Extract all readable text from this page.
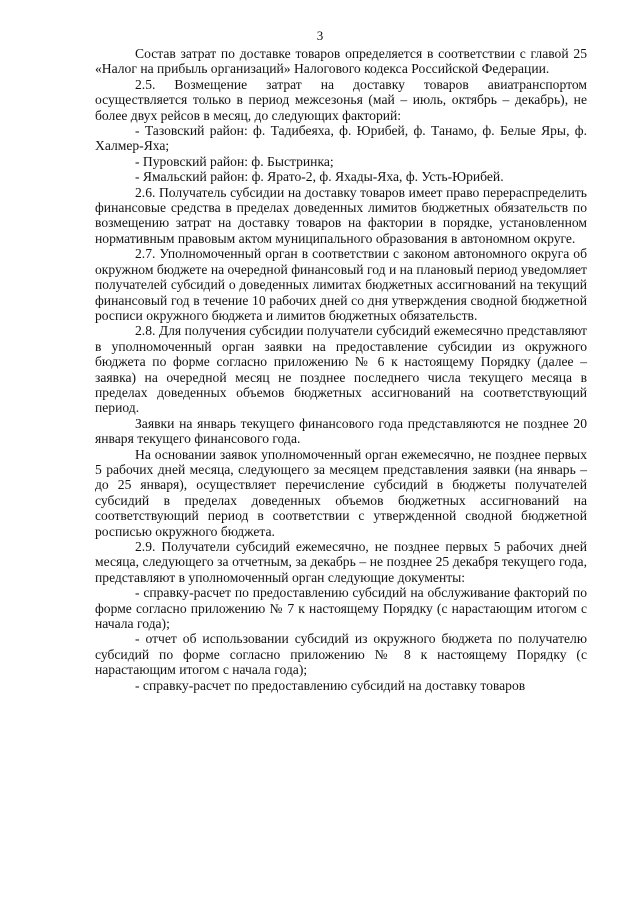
3

Состав затрат по доставке товаров определяется в соответствии с главой 25 «Налог на прибыль организаций» Налогового кодекса Российской Федерации.

2.5. Возмещение затрат на доставку товаров авиатранспортом осуществляется только в период межсезонья (май – июль, октябрь – декабрь), не более двух рейсов в месяц, до следующих факторий:

- Тазовский район: ф. Тадибеяха, ф. Юрибей, ф. Танамо, ф. Белые Яры, ф. Халмер-Яха;

- Пуровский район: ф. Быстринка;

- Ямальский район: ф. Ярато-2, ф. Яхады-Яха, ф. Усть-Юрибей.

2.6. Получатель субсидии на доставку товаров имеет право перераспределить финансовые средства в пределах доведенных лимитов бюджетных обязательств по возмещению затрат на доставку товаров на фактории в порядке, установленном нормативным правовым актом муниципального образования в автономном округе.

2.7. Уполномоченный орган в соответствии с законом автономного округа об окружном бюджете на очередной финансовый год и на плановый период уведомляет получателей субсидий о доведенных лимитах бюджетных ассигнований на текущий финансовый год в течение 10 рабочих дней со дня утверждения сводной бюджетной росписи окружного бюджета и лимитов бюджетных обязательств.

2.8. Для получения субсидии получатели субсидий ежемесячно представляют в уполномоченный орган заявки на предоставление субсидии из окружного бюджета по форме согласно приложению № 6 к настоящему Порядку (далее – заявка) на очередной месяц не позднее последнего числа текущего месяца в пределах доведенных объемов бюджетных ассигнований на соответствующий период.

Заявки на январь текущего финансового года представляются не позднее 20 января текущего финансового года.

На основании заявок уполномоченный орган ежемесячно, не позднее первых 5 рабочих дней месяца, следующего за месяцем представления заявки (на январь – до 25 января), осуществляет перечисление субсидий в бюджеты получателей субсидий в пределах доведенных объемов бюджетных ассигнований на соответствующий период в соответствии с утвержденной сводной бюджетной росписью окружного бюджета.

2.9. Получатели субсидий ежемесячно, не позднее первых 5 рабочих дней месяца, следующего за отчетным, за декабрь – не позднее 25 декабря текущего года, представляют в уполномоченный орган следующие документы:

- справку-расчет по предоставлению субсидий на обслуживание факторий по форме согласно приложению № 7 к настоящему Порядку (с нарастающим итогом с начала года);

- отчет об использовании субсидий из окружного бюджета по получателю субсидий по форме согласно приложению № 8 к настоящему Порядку (с нарастающим итогом с начала года);

- справку-расчет по предоставлению субсидий на доставку товаров
